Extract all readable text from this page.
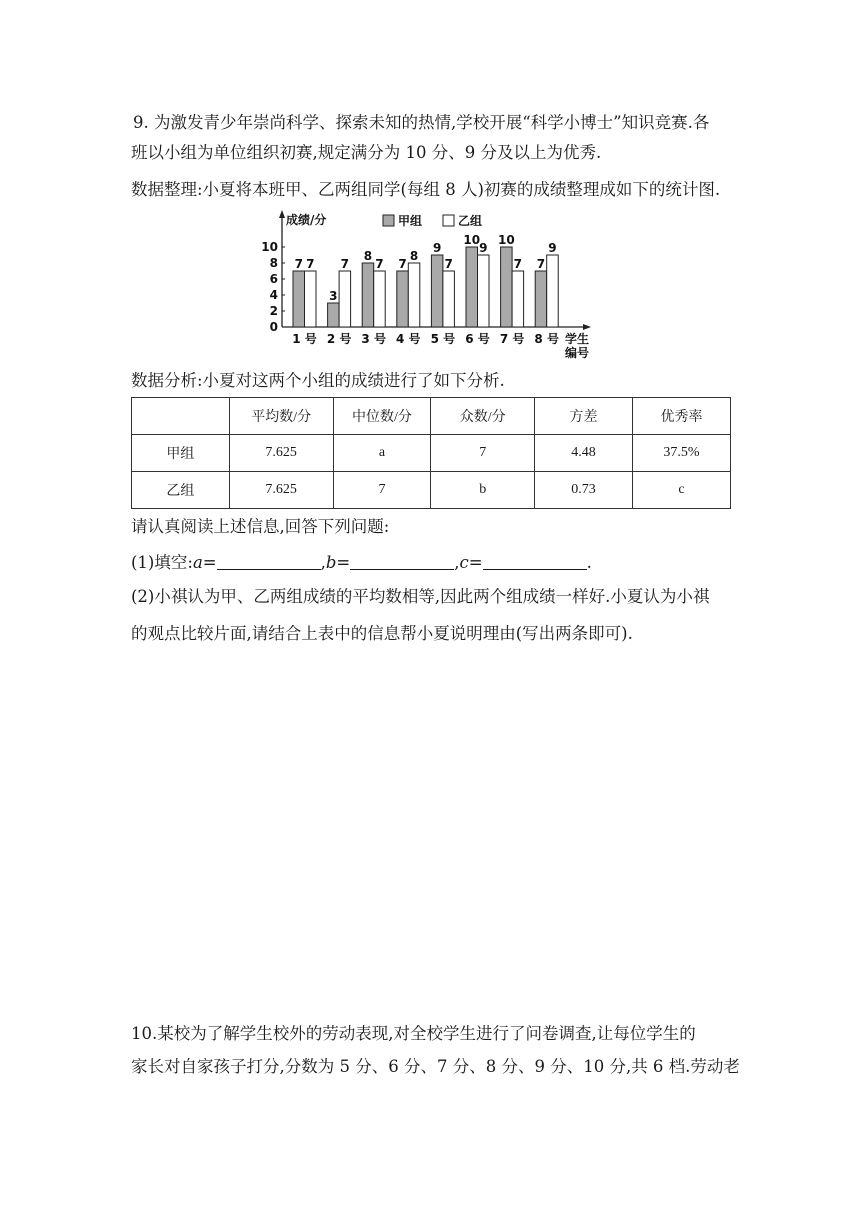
9. 为激发青少年崇尚科学、探索未知的热情,学校开展“科学小博士”知识竞赛.各
班以小组为单位组织初赛,规定满分为 10 分、9 分及以上为优秀.
数据整理:小夏将本班甲、乙两组同学(每组 8 人)初赛的成绩整理成如下的统计图.
0
2
4
6
8
10
成绩/分	甲组	乙组
7 7
1 号
3
7
2 号
8
7
3 号
7
8
4 号
9
7
5 号
10
9
6 号
10
7
7 号
7
9
8 号 学生
编号
数据分析:小夏对这两个小组的成绩进行了如下分析.
	平均数/分	中位数/分	众数/分	方差	优秀率
甲组	7.625	a	7	4.48	37.5%
乙组	7.625	7	b	0.73	c
请认真阅读上述信息,回答下列问题:
(1)填空:a=	,b=	,c=	.
(2)小祺认为甲、乙两组成绩的平均数相等,因此两个组成绩一样好.小夏认为小祺
的观点比较片面,请结合上表中的信息帮小夏说明理由(写出两条即可).
10.某校为了解学生校外的劳动表现,对全校学生进行了问卷调查,让每位学生的
家长对自家孩子打分,分数为 5 分、6 分、7 分、8 分、9 分、10 分,共 6 档.劳动老
